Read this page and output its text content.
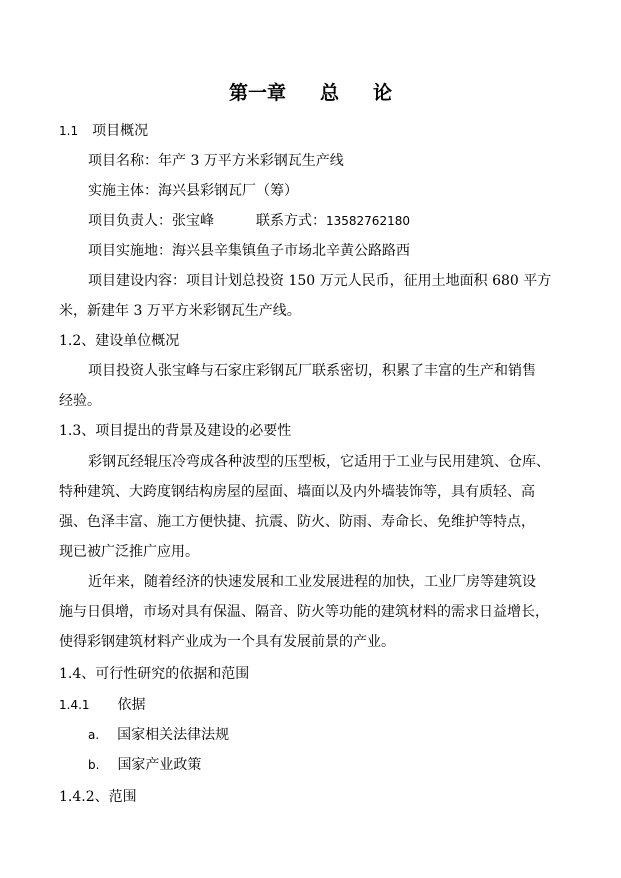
第一章 总 论
1.1 项目概况
项目名称：年产 3 万平方米彩钢瓦生产线
实施主体：海兴县彩钢瓦厂（筹）
项目负责人：张宝峰	联系方式：13582762180
项目实施地：海兴县辛集镇鱼子市场北辛黄公路路西
项目建设内容：项目计划总投资 150 万元人民币，征用土地面积 680 平方
米，新建年 3 万平方米彩钢瓦生产线。
1.2、建设单位概况
项目投资人张宝峰与石家庄彩钢瓦厂联系密切，积累了丰富的生产和销售
经验。
1.3、项目提出的背景及建设的必要性
彩钢瓦经辊压冷弯成各种波型的压型板，它适用于工业与民用建筑、仓库、
特种建筑、大跨度钢结构房屋的屋面、墙面以及内外墙装饰等，具有质轻、高
强、色泽丰富、施工方便快捷、抗震、防火、防雨、寿命长、免维护等特点，
现已被广泛推广应用。
近年来，随着经济的快速发展和工业发展进程的加快，工业厂房等建筑设
施与日俱增，市场对具有保温、隔音、防火等功能的建筑材料的需求日益增长，
使得彩钢建筑材料产业成为一个具有发展前景的产业。
1.4、可行性研究的依据和范围
1.4.1 依据
a. 国家相关法律法规
b. 国家产业政策
1.4.2、范围
